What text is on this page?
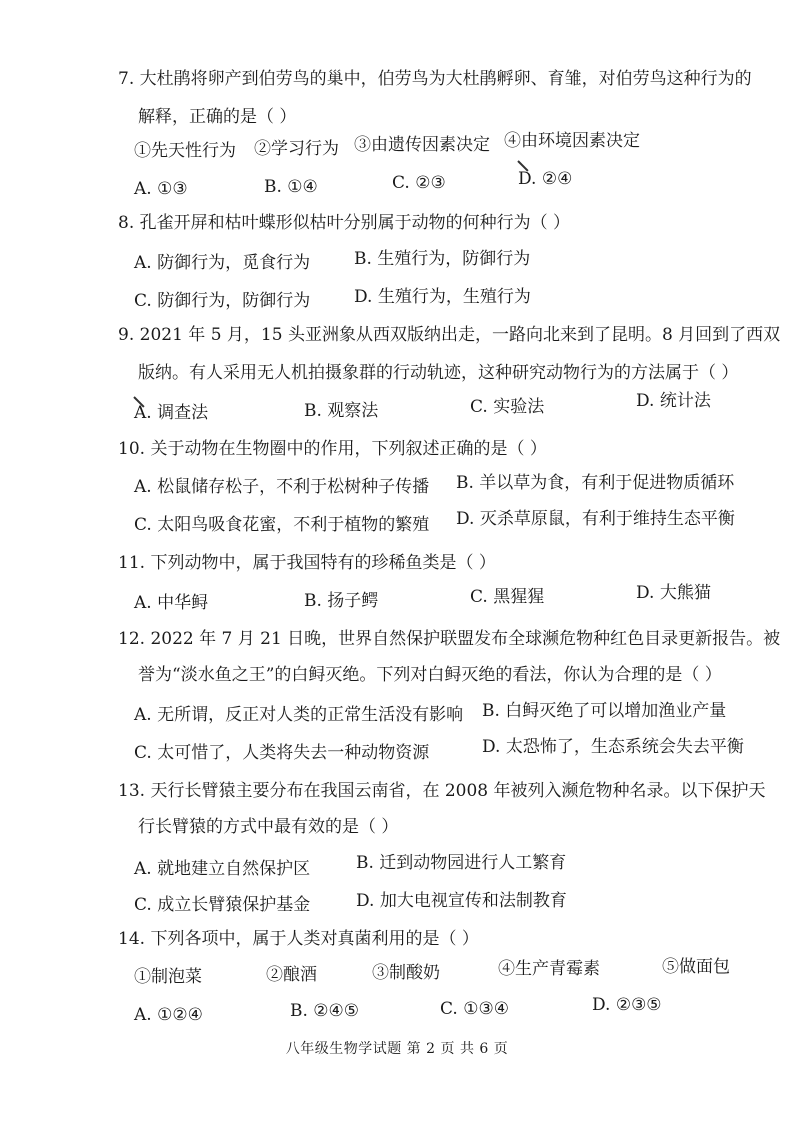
7. 大杜鹃将卵产到伯劳鸟的巢中，伯劳鸟为大杜鹃孵卵、育雏，对伯劳鸟这种行为的
解释，正确的是（ ）
①先天性行为 ②学习行为 ③由遗传因素决定 ④由环境因素决定
A. ①③	B. ①④	C. ②③	D. ②④
8. 孔雀开屏和枯叶蝶形似枯叶分别属于动物的何种行为（ ）
A. 防御行为，觅食行为	B. 生殖行为，防御行为
C. 防御行为，防御行为	D. 生殖行为，生殖行为
9. 2021 年 5 月，15 头亚洲象从西双版纳出走，一路向北来到了昆明。8 月回到了西双
版纳。有人采用无人机拍摄象群的行动轨迹，这种研究动物行为的方法属于（ ）
A. 调查法	B. 观察法	C. 实验法	D. 统计法
10. 关于动物在生物圈中的作用，下列叙述正确的是（ ）
A. 松鼠储存松子，不利于松树种子传播 B. 羊以草为食，有利于促进物质循环
C. 太阳鸟吸食花蜜，不利于植物的繁殖 D. 灭杀草原鼠，有利于维持生态平衡
11. 下列动物中，属于我国特有的珍稀鱼类是（ ）
A. 中华鲟	B. 扬子鳄	C. 黑猩猩	D. 大熊猫
12. 2022 年 7 月 21 日晚，世界自然保护联盟发布全球濒危物种红色目录更新报告。被
誉为“淡水鱼之王”的白鲟灭绝。下列对白鲟灭绝的看法，你认为合理的是（ ）
A. 无所谓，反正对人类的正常生活没有影响 B. 白鲟灭绝了可以增加渔业产量
C. 太可惜了，人类将失去一种动物资源	D. 太恐怖了，生态系统会失去平衡
13. 天行长臂猿主要分布在我国云南省，在 2008 年被列入濒危物种名录。以下保护天
行长臂猿的方式中最有效的是（ ）
A. 就地建立自然保护区	B. 迁到动物园进行人工繁育
C. 成立长臂猿保护基金	D. 加大电视宣传和法制教育
14. 下列各项中，属于人类对真菌利用的是（ ）
①制泡菜	②酿酒	③制酸奶	④生产青霉素	⑤做面包
A. ①②④	B. ②④⑤	C. ①③④	D. ②③⑤
八年级生物学试题 第 2 页 共 6 页
